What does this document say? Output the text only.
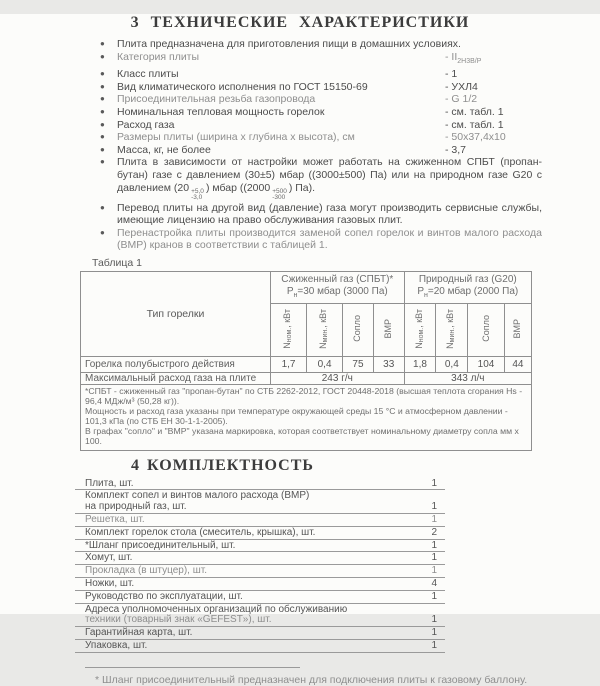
3 ТЕХНИЧЕСКИЕ ХАРАКТЕРИСТИКИ
●	Плита предназначена для приготовления пищи в домашних условиях.
●	Категория плиты	- $II_{2Н3В/Р}$
●	Класс плиты	- 1
●	Вид климатического исполнения по ГОСТ 15150-69	- УХЛ4
●	Присоединительная резьба газопровода	- G 1/2
●	Номинальная тепловая мощность горелок	- см. табл. 1
●	Расход газа	- см. табл. 1
●	Размеры плиты (ширина х глубина х высота), см	- 50х37,4х10
●	Масса, кг, не более	- 3,7
●	Плита в зависимости от настройки может работать на сжиженном СПБТ (пропан-бутан) газе с давлением (30±5) мбар ((3000±500) Па) или на природном газе G20 с давлением (20 +5,0
-3,0
) мбар ((2000 +500
-300
) Па).
●	Перевод плиты на другой вид (давление) газа могут производить сервисные службы, имеющие лицензию на право обслуживания газовых плит.
●	Перенастройка плиты производится заменой сопел горелок и винтов малого расхода (ВМР) кранов в соответствии с таблицей 1.
Таблица 1
Тип горелки	
Сжиженный газ (СПБТ)*
$Р_н=30$ мбар (3000 Па)

Природный газ (G20)
$Р_н=20$ мбар (2000 Па)

	$N_{ном.}$, кВт	$N_{мин.}$, кВт	Сопло	ВМР	$N_{ном.}$, кВт	$N_{мин.}$, кВт	Сопло	ВМР
Горелка полубыстрого действия	1,7	0,4	75	33	1,8	0,4	104	44
Максимальный расход газа на плите	243 г/ч				343 л/ч			

*СПБТ - сжиженный газ "пропан-бутан" по СТБ 2262-2012, ГОСТ 20448-2018 (высшая теплота сгорания Нs - 96,4 МДж/м³ (50,28 кг)).
Мощность и расход газа указаны при температуре окружающей среды 15 °С и атмосферном давлении - 101,3 кПа (по СТБ ЕН 30-1-1-2005).
В графах "сопло" и "ВМР" указана маркировка, которая соответствует номинальному диаметру сопла мм х 100.								
4 КОМПЛЕКТНОСТЬ
Плита, шт.	1
Комплект сопел и винтов малого расхода (ВМР)
на природный газ, шт.	1
Решетка, шт.	1
Комплект горелок стола (смеситель, крышка), шт.	2
*Шланг присоединительный, шт.	1
Хомут, шт.	1
Прокладка (в штуцер), шт.	1
Ножки, шт.	4
Руководство по эксплуатации, шт.	1
Адреса уполномоченных организаций по обслуживанию
техники (товарный знак «GEFEST»), шт.	1
Гарантийная карта, шт.	1
Упаковка, шт.	1
* Шланг присоединительный предназначен для подключения плиты к газовому баллону.
